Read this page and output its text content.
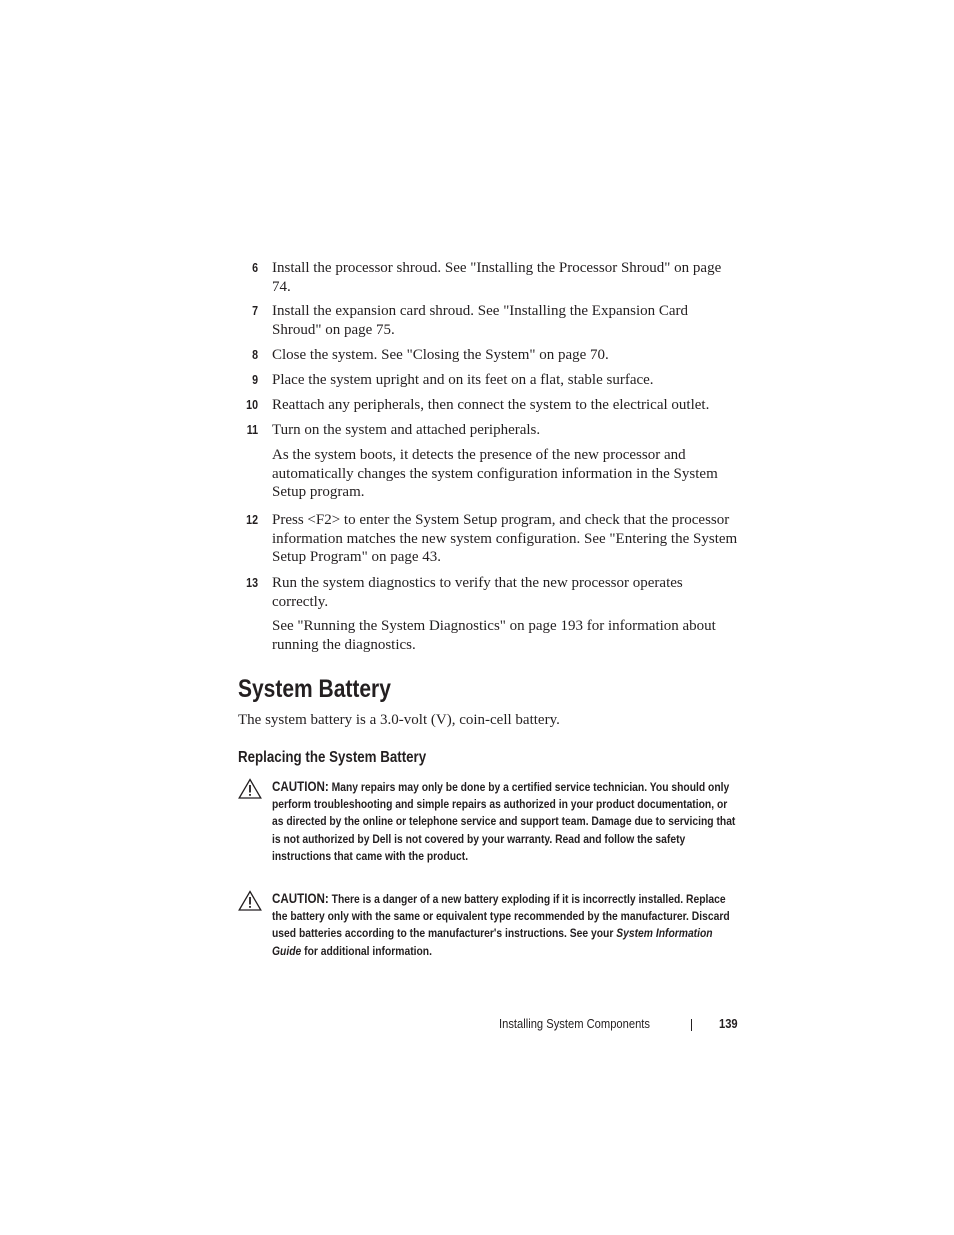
6 Install the processor shroud. See "Installing the Processor Shroud" on page 74.
7 Install the expansion card shroud. See "Installing the Expansion Card Shroud" on page 75.
8 Close the system. See "Closing the System" on page 70.
9 Place the system upright and on its feet on a flat, stable surface.
10 Reattach any peripherals, then connect the system to the electrical outlet.
11 Turn on the system and attached peripherals.
As the system boots, it detects the presence of the new processor and automatically changes the system configuration information in the System Setup program.
12 Press <F2> to enter the System Setup program, and check that the processor information matches the new system configuration. See "Entering the System Setup Program" on page 43.
13 Run the system diagnostics to verify that the new processor operates correctly.
See "Running the System Diagnostics" on page 193 for information about running the diagnostics.
System Battery
The system battery is a 3.0-volt (V), coin-cell battery.
Replacing the System Battery
CAUTION: Many repairs may only be done by a certified service technician. You should only perform troubleshooting and simple repairs as authorized in your product documentation, or as directed by the online or telephone service and support team. Damage due to servicing that is not authorized by Dell is not covered by your warranty. Read and follow the safety instructions that came with the product.
CAUTION: There is a danger of a new battery exploding if it is incorrectly installed. Replace the battery only with the same or equivalent type recommended by the manufacturer. Discard used batteries according to the manufacturer's instructions. See your System Information Guide for additional information.
Installing System Components	139
